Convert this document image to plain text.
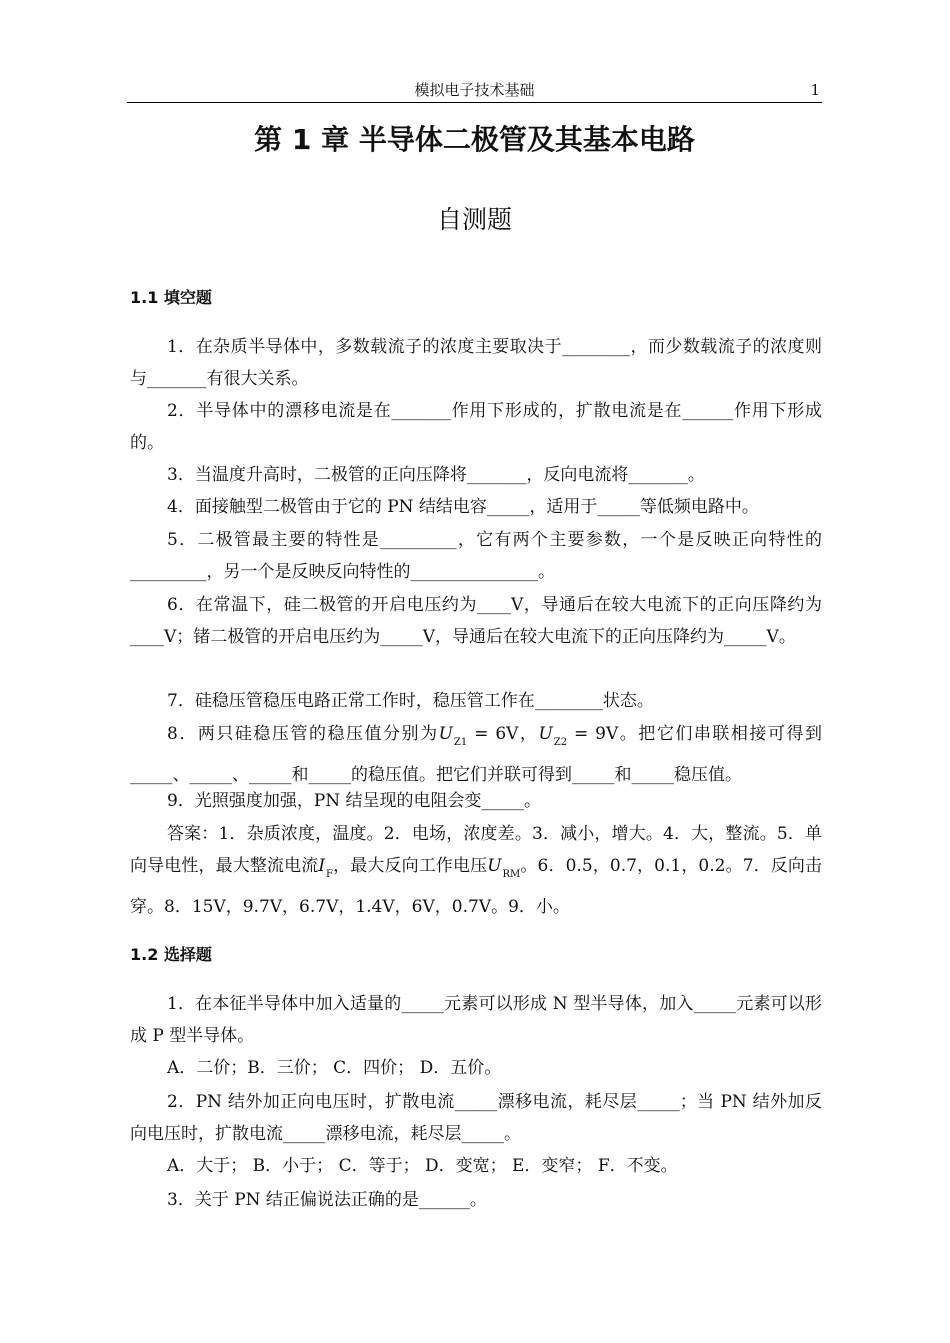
模拟电子技术基础	1
第 1 章 半导体二极管及其基本电路
自测题
1.1 填空题

1．在杂质半导体中，多数载流子的浓度主要取决于________，而少数载流子的浓度则与_______有很大关系。

2．半导体中的漂移电流是在_______作用下形成的，扩散电流是在______作用下形成的。

3．当温度升高时，二极管的正向压降将_______，反向电流将_______。

4．面接触型二极管由于它的 PN 结结电容_____，适用于_____等低频电路中。

5．二极管最主要的特性是_________，它有两个主要参数，一个是反映正向特性的_________，另一个是反映反向特性的_______________。

6．在常温下，硅二极管的开启电压约为____V，导通后在较大电流下的正向压降约为____V；锗二极管的开启电压约为_____V，导通后在较大电流下的正向压降约为_____V。

7．硅稳压管稳压电路正常工作时，稳压管工作在________状态。

8．两只硅稳压管的稳压值分别为$U_{Z1} = 6V$，$U_{Z2} = 9V$。把它们串联相接可得到_____、_____、_____和_____的稳压值。把它们并联可得到_____和_____稳压值。

9．光照强度加强，PN 结呈现的电阻会变_____。

答案：1．杂质浓度，温度。2．电场，浓度差。3．减小，增大。4．大，整流。5．单向导电性，最大整流电流$I_F$，最大反向工作电压$U_{RM}$。6．0.5，0.7，0.1，0.2。7．反向击穿。8．15V，9.7V，6.7V，1.4V，6V，0.7V。9．小。

1.2 选择题

1．在本征半导体中加入适量的_____元素可以形成 N 型半导体，加入_____元素可以形成 P 型半导体。

A．二价；B．三价； C．四价； D．五价。

2．PN 结外加正向电压时，扩散电流_____漂移电流，耗尽层_____；当 PN 结外加反向电压时，扩散电流_____漂移电流，耗尽层_____。

A．大于； B．小于； C．等于； D．变宽； E．变窄； F．不变。

3．关于 PN 结正偏说法正确的是______。
